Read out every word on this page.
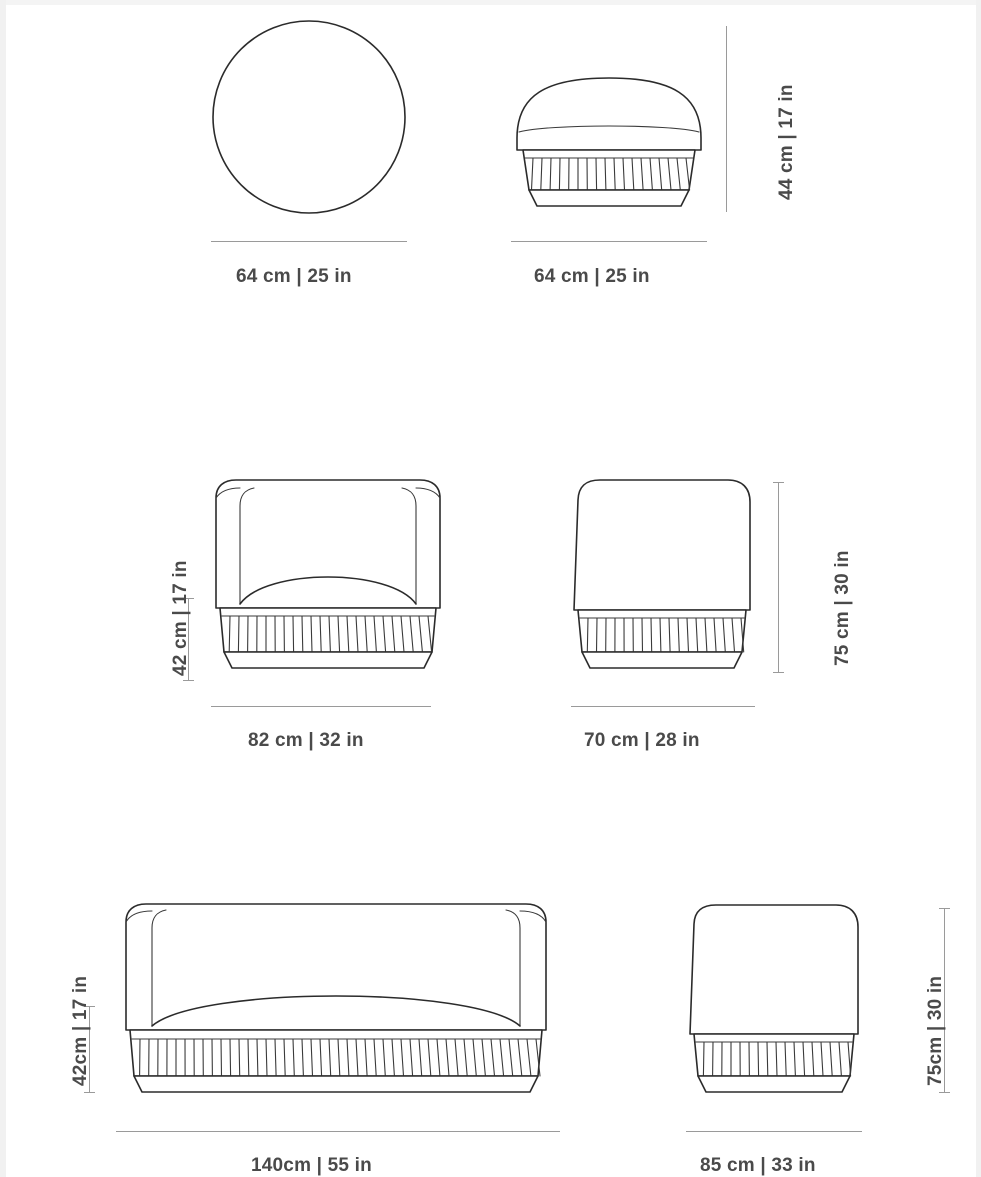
64 cm | 25 in	64 cm | 25 in
44 cm | 17 in
82 cm | 32 in
42 cm | 17 in
70 cm | 28 in
75 cm | 30 in
140cm | 55 in
42cm | 17 in
85 cm | 33 in
75cm | 30 in
